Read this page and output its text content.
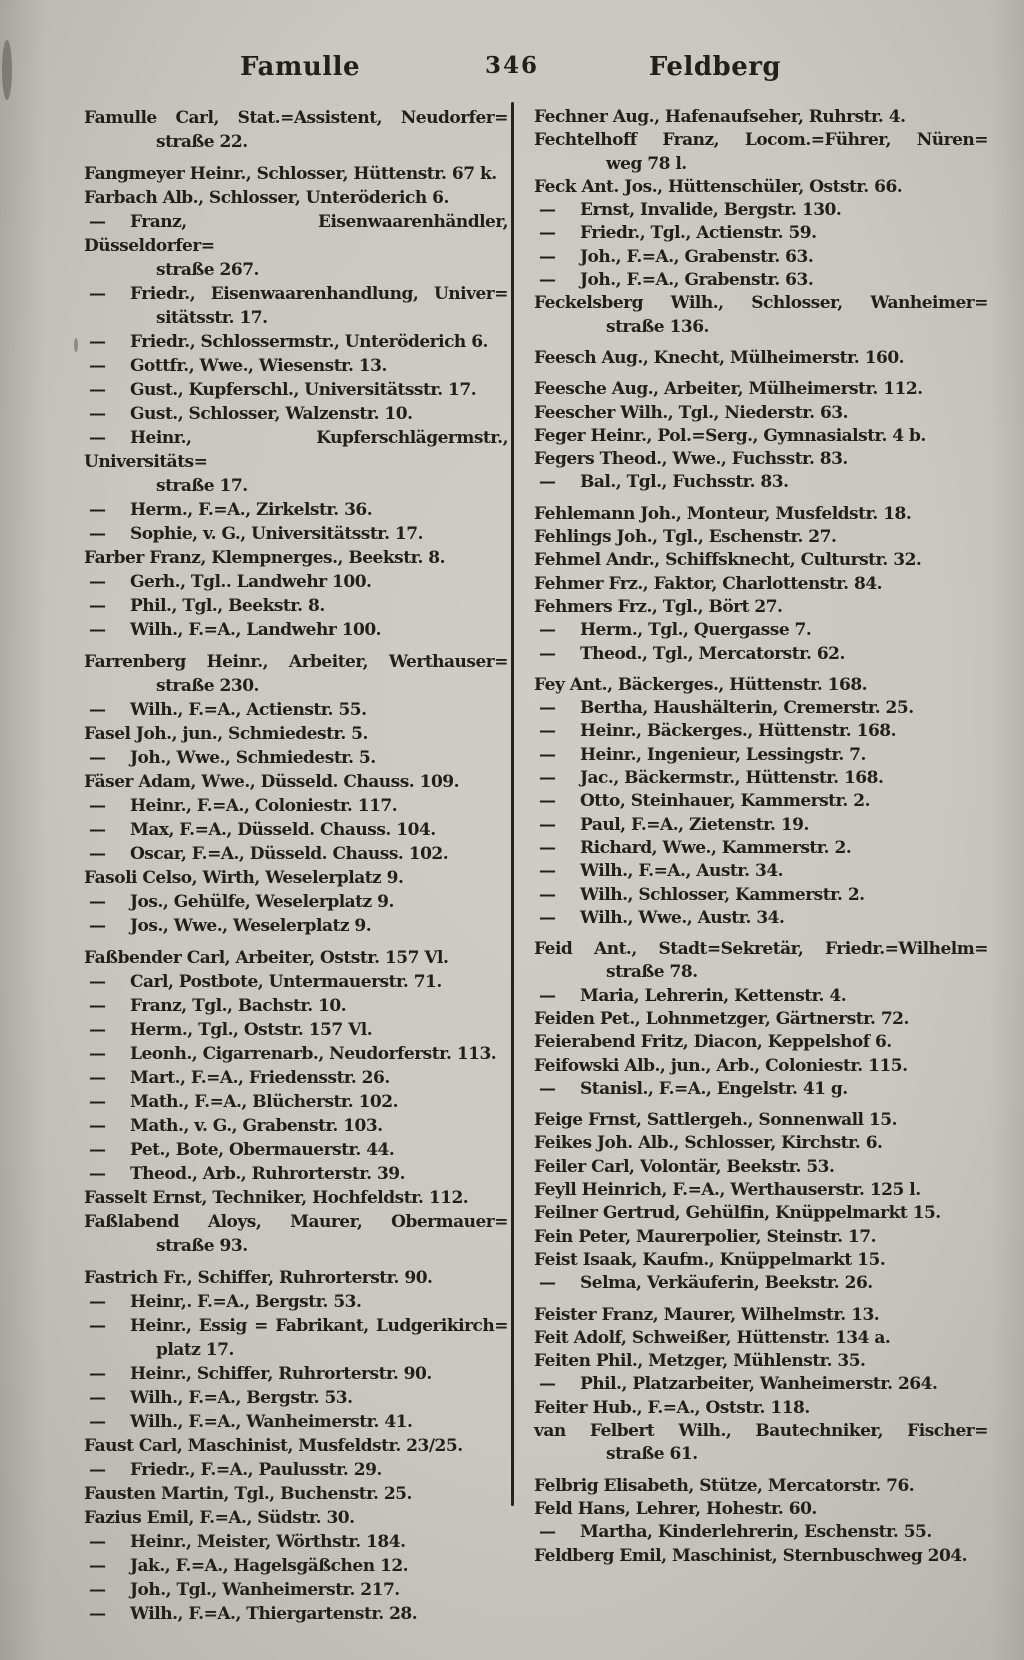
Famulle	346	Feldberg
Famulle Carl, Stat.=Assistent, Neudorfer=
straße 22.
Fangmeyer Heinr., Schlosser, Hüttenstr. 67 k.
Farbach Alb., Schlosser, Unteröderich 6.
— Franz, Eisenwaarenhändler, Düsseldorfer=
straße 267.
— Friedr., Eisenwaarenhandlung, Univer=
sitätsstr. 17.
— Friedr., Schlossermstr., Unteröderich 6.
— Gottfr., Wwe., Wiesenstr. 13.
— Gust., Kupferschl., Universitätsstr. 17.
— Gust., Schlosser, Walzenstr. 10.
— Heinr., Kupferschlägermstr., Universitäts=
straße 17.
— Herm., F.=A., Zirkelstr. 36.
— Sophie, v. G., Universitätsstr. 17.
Farber Franz, Klempnerges., Beekstr. 8.
— Gerh., Tgl.. Landwehr 100.
— Phil., Tgl., Beekstr. 8.
— Wilh., F.=A., Landwehr 100.
Farrenberg Heinr., Arbeiter, Werthauser=
straße 230.
— Wilh., F.=A., Actienstr. 55.
Fasel Joh., jun., Schmiedestr. 5.
— Joh., Wwe., Schmiedestr. 5.
Fäser Adam, Wwe., Düsseld. Chauss. 109.
— Heinr., F.=A., Coloniestr. 117.
— Max, F.=A., Düsseld. Chauss. 104.
— Oscar, F.=A., Düsseld. Chauss. 102.
Fasoli Celso, Wirth, Weselerplatz 9.
— Jos., Gehülfe, Weselerplatz 9.
— Jos., Wwe., Weselerplatz 9.
Faßbender Carl, Arbeiter, Oststr. 157 Vl.
— Carl, Postbote, Untermauerstr. 71.
— Franz, Tgl., Bachstr. 10.
— Herm., Tgl., Oststr. 157 Vl.
— Leonh., Cigarrenarb., Neudorferstr. 113.
— Mart., F.=A., Friedensstr. 26.
— Math., F.=A., Blücherstr. 102.
— Math., v. G., Grabenstr. 103.
— Pet., Bote, Obermauerstr. 44.
— Theod., Arb., Ruhrorterstr. 39.
Fasselt Ernst, Techniker, Hochfeldstr. 112.
Faßlabend Aloys, Maurer, Obermauer=
straße 93.
Fastrich Fr., Schiffer, Ruhrorterstr. 90.
— Heinr,. F.=A., Bergstr. 53.
— Heinr., Essig = Fabrikant, Ludgerikirch=
platz 17.
— Heinr., Schiffer, Ruhrorterstr. 90.
— Wilh., F.=A., Bergstr. 53.
— Wilh., F.=A., Wanheimerstr. 41.
Faust Carl, Maschinist, Musfeldstr. 23/25.
— Friedr., F.=A., Paulusstr. 29.
Fausten Martin, Tgl., Buchenstr. 25.
Fazius Emil, F.=A., Südstr. 30.
— Heinr., Meister, Wörthstr. 184.
— Jak., F.=A., Hagelsgäßchen 12.
— Joh., Tgl., Wanheimerstr. 217.
— Wilh., F.=A., Thiergartenstr. 28.
Fechner Aug., Hafenaufseher, Ruhrstr. 4.
Fechtelhoff Franz, Locom.=Führer, Nüren=
weg 78 l.
Feck Ant. Jos., Hüttenschüler, Oststr. 66.
— Ernst, Invalide, Bergstr. 130.
— Friedr., Tgl., Actienstr. 59.
— Joh., F.=A., Grabenstr. 63.
— Joh., F.=A., Grabenstr. 63.
Feckelsberg Wilh., Schlosser, Wanheimer=
straße 136.
Feesch Aug., Knecht, Mülheimerstr. 160.
Feesche Aug., Arbeiter, Mülheimerstr. 112.
Feescher Wilh., Tgl., Niederstr. 63.
Feger Heinr., Pol.=Serg., Gymnasialstr. 4 b.
Fegers Theod., Wwe., Fuchsstr. 83.
— Bal., Tgl., Fuchsstr. 83.
Fehlemann Joh., Monteur, Musfeldstr. 18.
Fehlings Joh., Tgl., Eschenstr. 27.
Fehmel Andr., Schiffsknecht, Culturstr. 32.
Fehmer Frz., Faktor, Charlottenstr. 84.
Fehmers Frz., Tgl., Bört 27.
— Herm., Tgl., Quergasse 7.
— Theod., Tgl., Mercatorstr. 62.
Fey Ant., Bäckerges., Hüttenstr. 168.
— Bertha, Haushälterin, Cremerstr. 25.
— Heinr., Bäckerges., Hüttenstr. 168.
— Heinr., Ingenieur, Lessingstr. 7.
— Jac., Bäckermstr., Hüttenstr. 168.
— Otto, Steinhauer, Kammerstr. 2.
— Paul, F.=A., Zietenstr. 19.
— Richard, Wwe., Kammerstr. 2.
— Wilh., F.=A., Austr. 34.
— Wilh., Schlosser, Kammerstr. 2.
— Wilh., Wwe., Austr. 34.
Feid Ant., Stadt=Sekretär, Friedr.=Wilhelm=
straße 78.
— Maria, Lehrerin, Kettenstr. 4.
Feiden Pet., Lohnmetzger, Gärtnerstr. 72.
Feierabend Fritz, Diacon, Keppelshof 6.
Feifowski Alb., jun., Arb., Coloniestr. 115.
— Stanisl., F.=A., Engelstr. 41 g.
Feige Frnst, Sattlergeh., Sonnenwall 15.
Feikes Joh. Alb., Schlosser, Kirchstr. 6.
Feiler Carl, Volontär, Beekstr. 53.
Feyll Heinrich, F.=A., Werthauserstr. 125 l.
Feilner Gertrud, Gehülfin, Knüppelmarkt 15.
Fein Peter, Maurerpolier, Steinstr. 17.
Feist Isaak, Kaufm., Knüppelmarkt 15.
— Selma, Verkäuferin, Beekstr. 26.
Feister Franz, Maurer, Wilhelmstr. 13.
Feit Adolf, Schweißer, Hüttenstr. 134 a.
Feiten Phil., Metzger, Mühlenstr. 35.
— Phil., Platzarbeiter, Wanheimerstr. 264.
Feiter Hub., F.=A., Oststr. 118.
van Felbert Wilh., Bautechniker, Fischer=
straße 61.
Felbrig Elisabeth, Stütze, Mercatorstr. 76.
Feld Hans, Lehrer, Hohestr. 60.
— Martha, Kinderlehrerin, Eschenstr. 55.
Feldberg Emil, Maschinist, Sternbuschweg 204.
